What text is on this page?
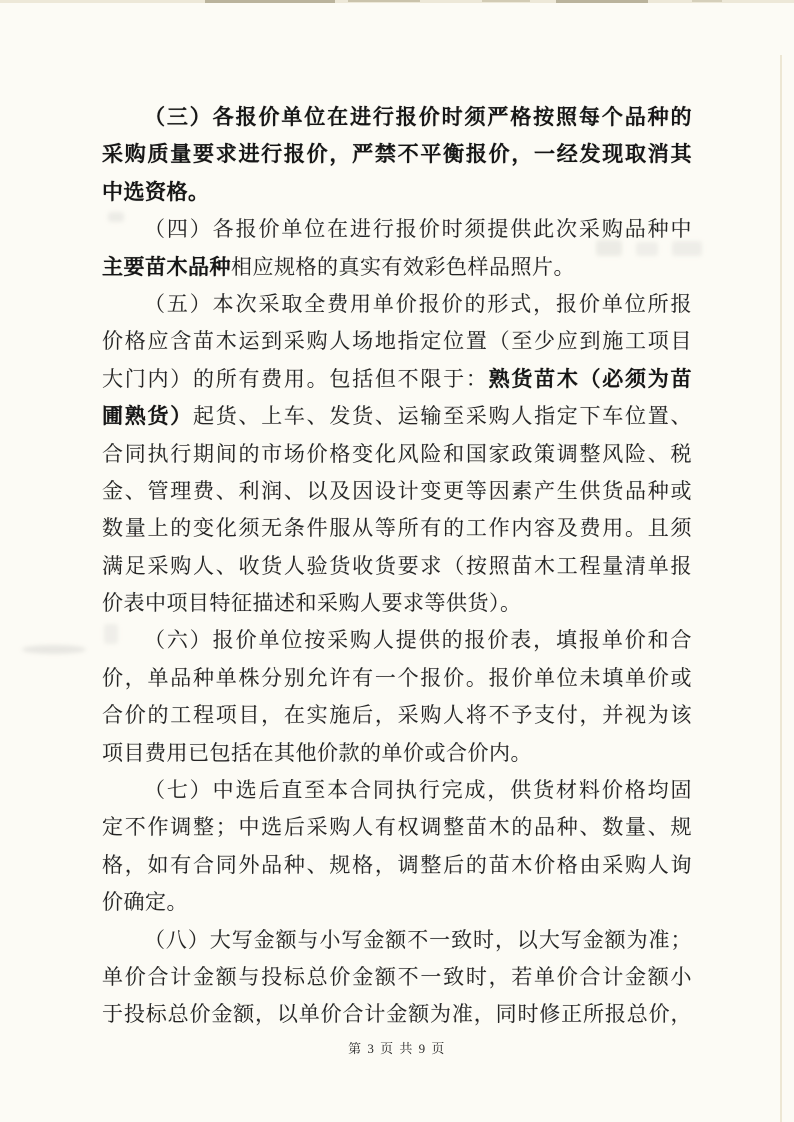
（三）各报价单位在进行报价时须严格按照每个品种的
采购质量要求进行报价，严禁不平衡报价，一经发现取消其
中选资格。
（四）各报价单位在进行报价时须提供此次采购品种中
主要苗木品种相应规格的真实有效彩色样品照片。
（五）本次采取全费用单价报价的形式，报价单位所报
价格应含苗木运到采购人场地指定位置（至少应到施工项目
大门内）的所有费用。包括但不限于：熟货苗木（必须为苗
圃熟货）起货、上车、发货、运输至采购人指定下车位置、
合同执行期间的市场价格变化风险和国家政策调整风险、税
金、管理费、利润、以及因设计变更等因素产生供货品种或
数量上的变化须无条件服从等所有的工作内容及费用。且须
满足采购人、收货人验货收货要求（按照苗木工程量清单报
价表中项目特征描述和采购人要求等供货）。
（六）报价单位按采购人提供的报价表，填报单价和合
价，单品种单株分别允许有一个报价。报价单位未填单价或
合价的工程项目，在实施后，采购人将不予支付，并视为该
项目费用已包括在其他价款的单价或合价内。
（七）中选后直至本合同执行完成，供货材料价格均固
定不作调整；中选后采购人有权调整苗木的品种、数量、规
格，如有合同外品种、规格，调整后的苗木价格由采购人询
价确定。
（八）大写金额与小写金额不一致时，以大写金额为准；
单价合计金额与投标总价金额不一致时，若单价合计金额小
于投标总价金额，以单价合计金额为准，同时修正所报总价，
第 3 页 共 9 页
